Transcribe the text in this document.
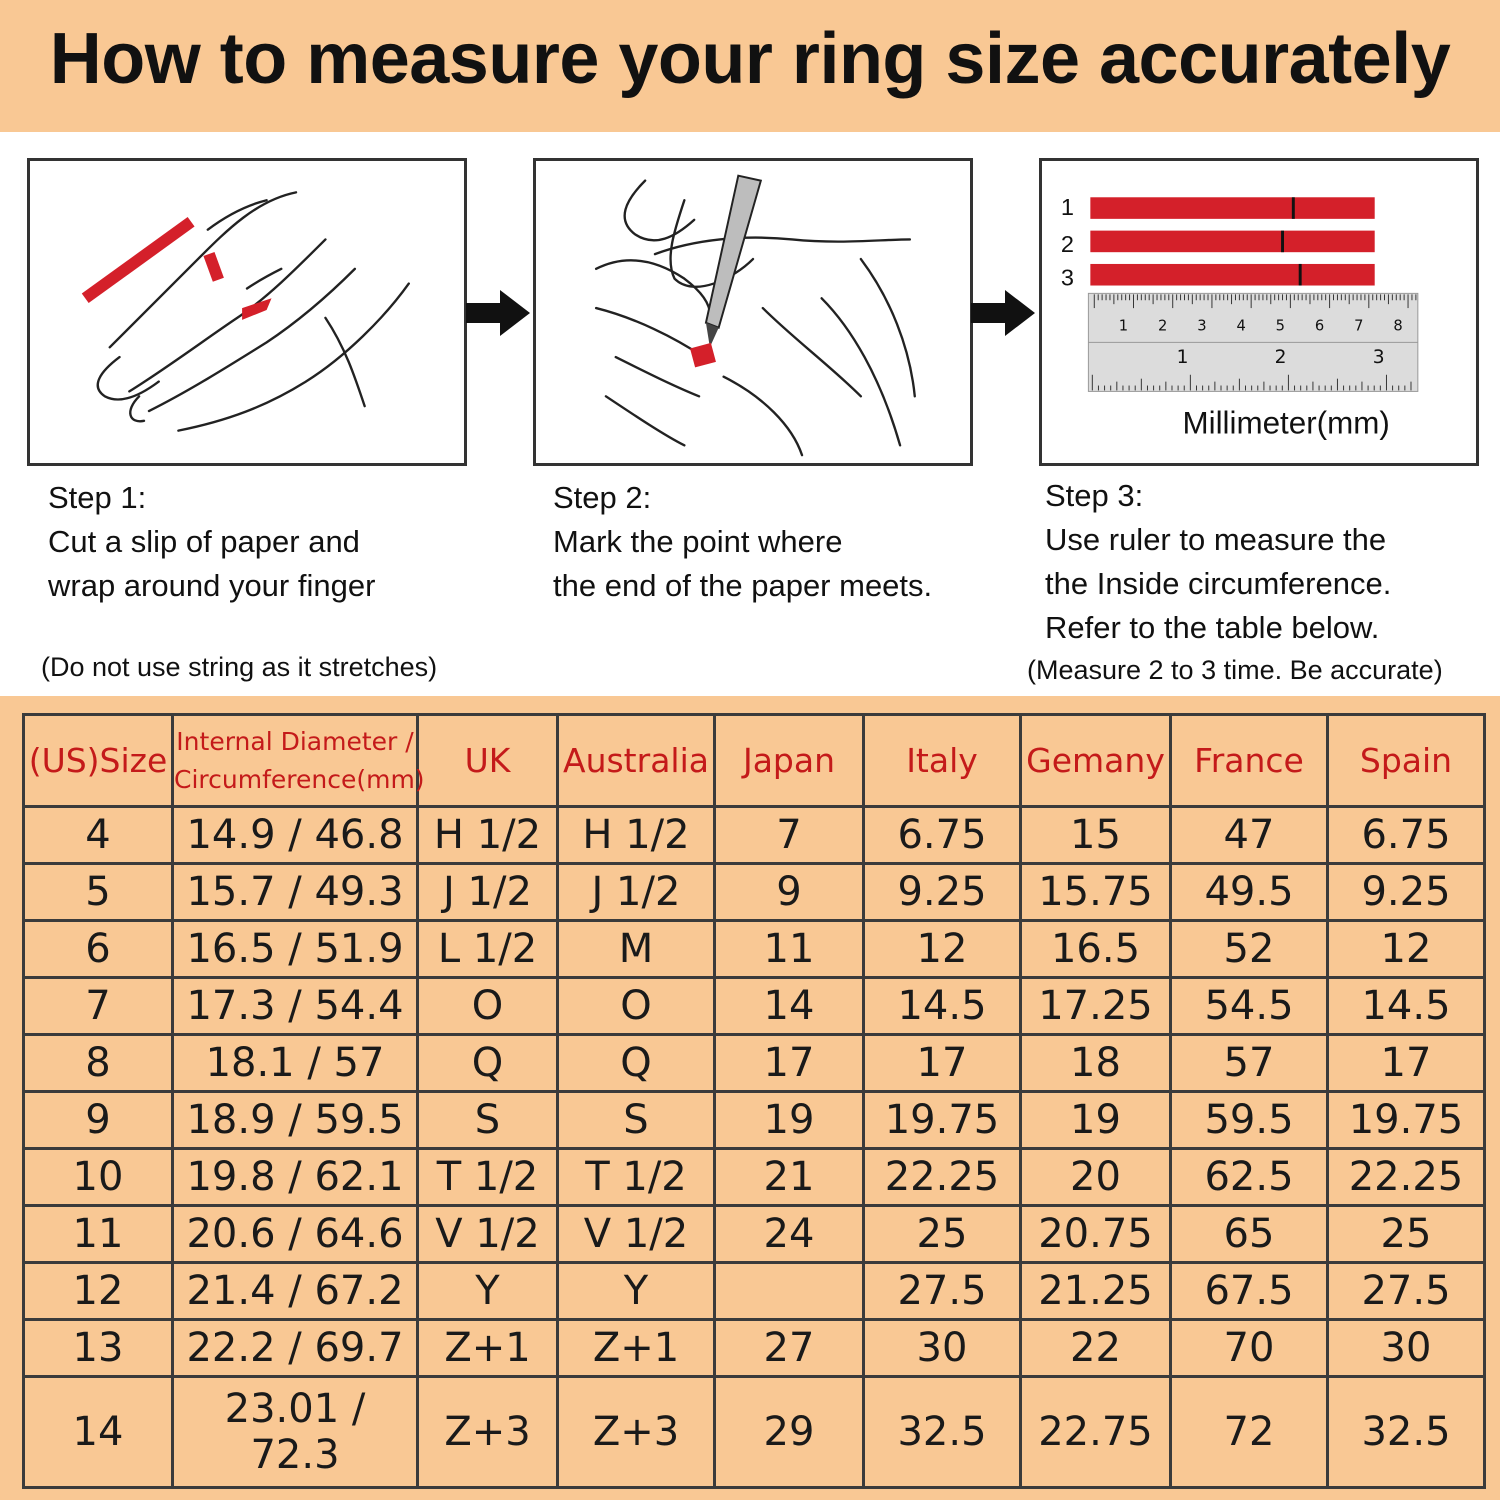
How to measure your ring size accurately
1
2
3
1 2 3 4 5 6 7 8
1	2	3
Millimeter(mm)
Step 1:
Cut a slip of paper and
wrap around your finger
Step 2:
Mark the point where
the end of the paper meets.
Step 3:
Use ruler to measure the
the Inside circumference.
Refer to the table below.
(Do not use string as it stretches)	(Measure 2 to 3 time. Be accurate)
(US)Size	Internal Diameter /
Circumference(mm)	UK	Australia	Japan	Italy	Gemany	France	Spain
4	14.9 / 46.8	H 1/2	H 1/2	7	6.75	15	47	6.75
5	15.7 / 49.3	J 1/2	J 1/2	9	9.25	15.75	49.5	9.25
6	16.5 / 51.9	L 1/2	M	11	12	16.5	52	12
7	17.3 / 54.4	O	O	14	14.5	17.25	54.5	14.5
8	18.1 / 57	Q	Q	17	17	18	57	17
9	18.9 / 59.5	S	S	19	19.75	19	59.5	19.75
10	19.8 / 62.1	T 1/2	T 1/2	21	22.25	20	62.5	22.25
11	20.6 / 64.6	V 1/2	V 1/2	24	25	20.75	65	25
12	21.4 / 67.2	Y	Y		27.5	21.25	67.5	27.5
13	22.2 / 69.7	Z+1	Z+1	27	30	22	70	30
14	23.01 / 72.3	Z+3	Z+3	29	32.5	22.75	72	32.5
